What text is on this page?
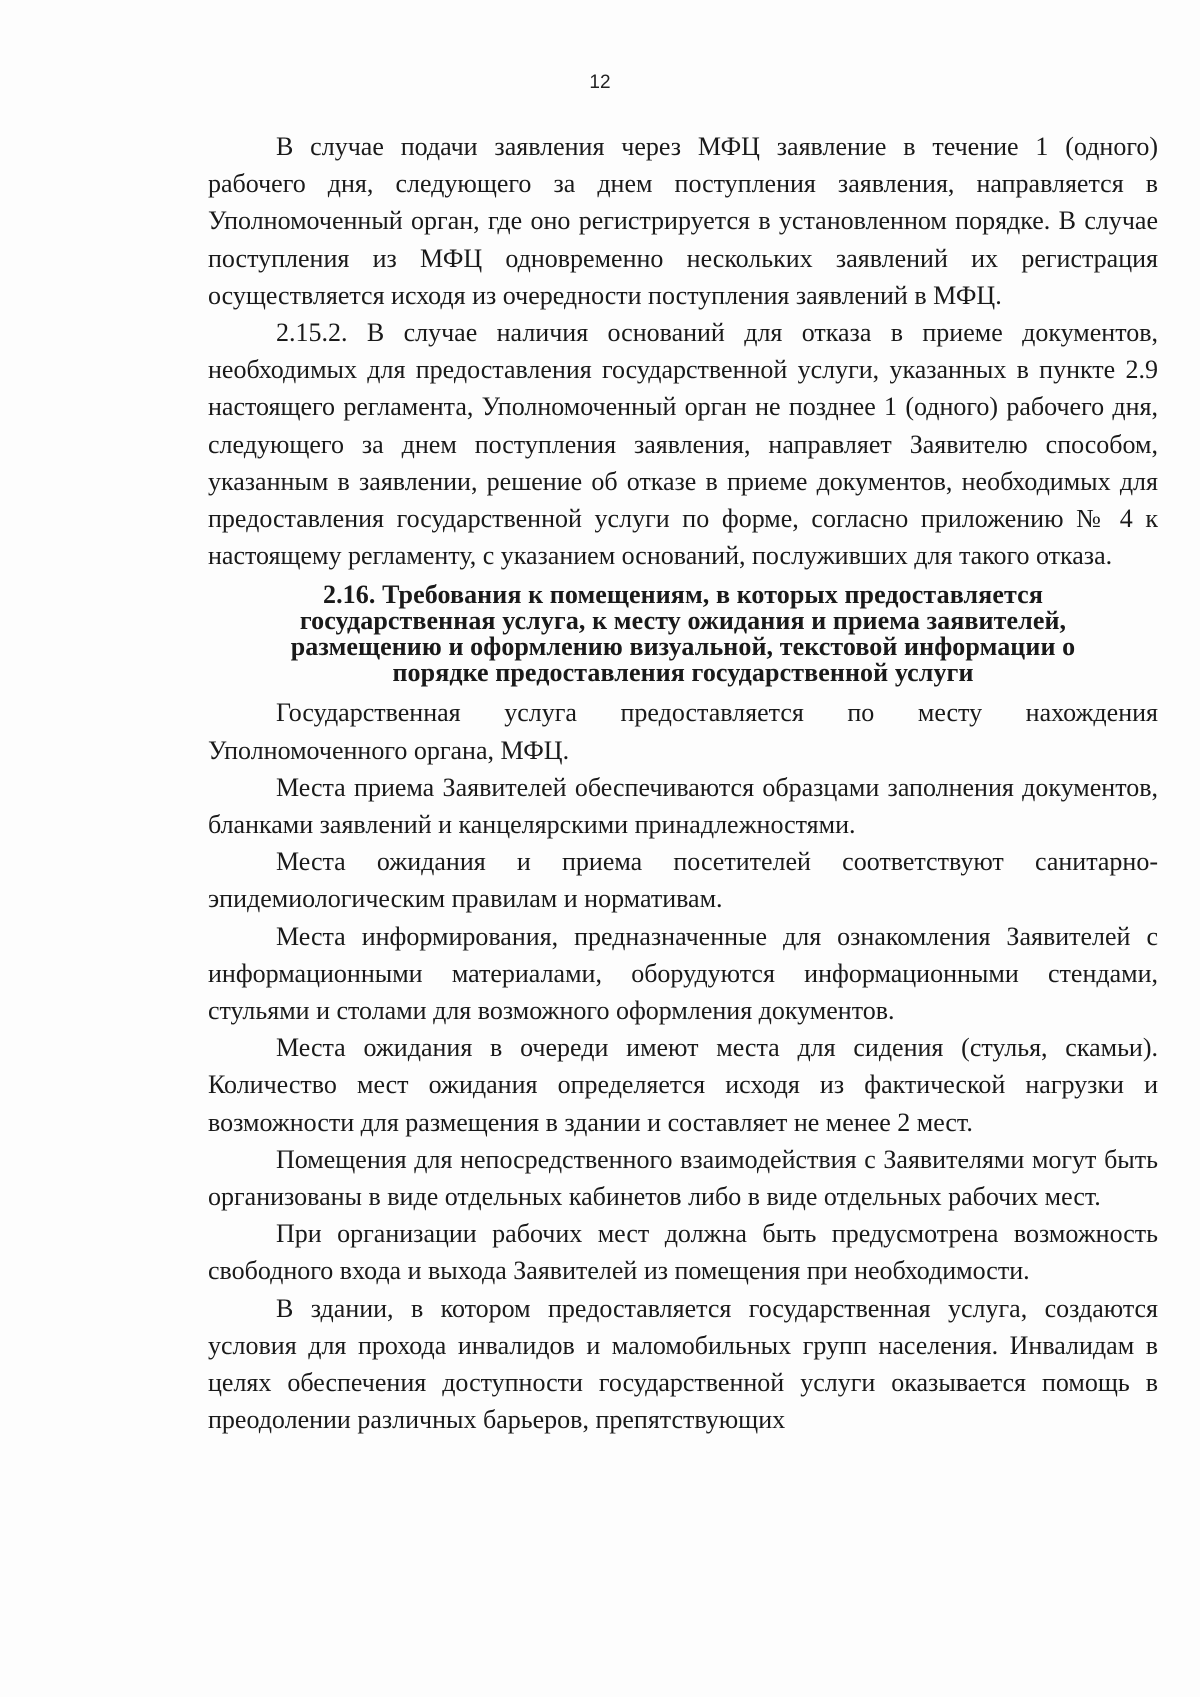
12

В случае подачи заявления через МФЦ заявление в течение 1 (одного) рабочего дня, следующего за днем поступления заявления, направляется в Уполномоченный орган, где оно регистрируется в установленном порядке. В случае поступления из МФЦ одновременно нескольких заявлений их регистрация осуществляется исходя из очередности поступления заявлений в МФЦ.

2.15.2. В случае наличия оснований для отказа в приеме документов, необходимых для предоставления государственной услуги, указанных в пункте 2.9 настоящего регламента, Уполномоченный орган не позднее 1 (одного) рабочего дня, следующего за днем поступления заявления, направляет Заявителю способом, указанным в заявлении, решение об отказе в приеме документов, необходимых для предоставления государственной услуги по форме, согласно приложению № 4 к настоящему регламенту, с указанием оснований, послуживших для такого отказа.

2.16. Требования к помещениям, в которых предоставляется государственная услуга, к месту ожидания и приема заявителей, размещению и оформлению визуальной, текстовой информации о порядке предоставления государственной услуги

Государственная услуга предоставляется по месту нахождения Уполномоченного органа, МФЦ.

Места приема Заявителей обеспечиваются образцами заполнения документов, бланками заявлений и канцелярскими принадлежностями.

Места ожидания и приема посетителей соответствуют санитарно-эпидемиологическим правилам и нормативам.

Места информирования, предназначенные для ознакомления Заявителей с информационными материалами, оборудуются информационными стендами, стульями и столами для возможного оформления документов.

Места ожидания в очереди имеют места для сидения (стулья, скамьи). Количество мест ожидания определяется исходя из фактической нагрузки и возможности для размещения в здании и составляет не менее 2 мест.

Помещения для непосредственного взаимодействия с Заявителями могут быть организованы в виде отдельных кабинетов либо в виде отдельных рабочих мест.

При организации рабочих мест должна быть предусмотрена возможность свободного входа и выхода Заявителей из помещения при необходимости.

В здании, в котором предоставляется государственная услуга, создаются условия для прохода инвалидов и маломобильных групп населения. Инвалидам в целях обеспечения доступности государственной услуги оказывается помощь в преодолении различных барьеров, препятствующих
